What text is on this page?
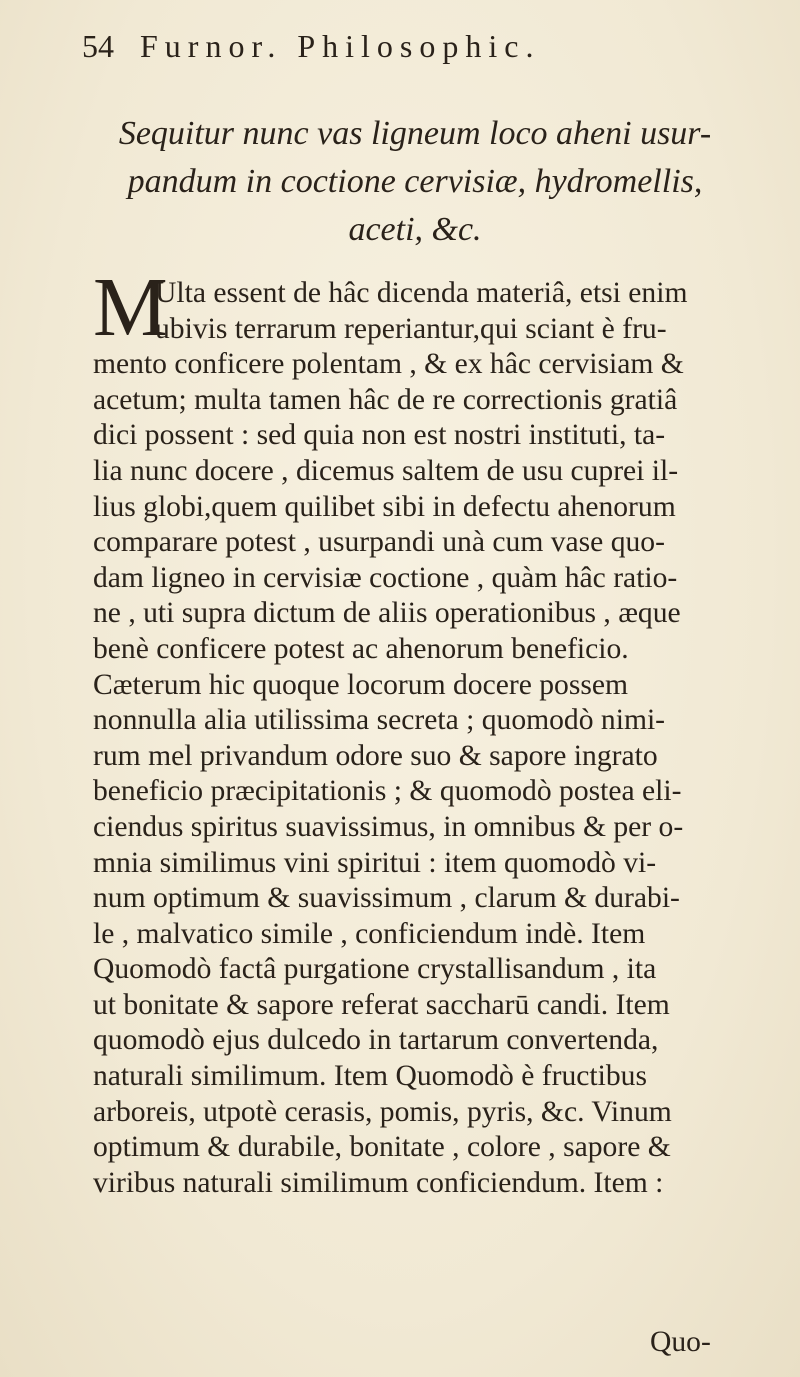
54 Furnor. Philosophic.
Sequitur nunc vas ligneum loco aheni usur-
pandum in coctione cervisiæ, hydromellis,
aceti, &c.
M
Ulta essent de hâc dicenda materiâ, etsi enim
ubivis terrarum reperiantur,qui sciant è fru-
mento conficere polentam , & ex hâc cervisiam &
acetum; multa tamen hâc de re correctionis gratiâ
dici possent : sed quia non est nostri instituti, ta-
lia nunc docere , dicemus saltem de usu cuprei il-
lius globi,quem quilibet sibi in defectu ahenorum
comparare potest , usurpandi unà cum vase quo-
dam ligneo in cervisiæ coctione , quàm hâc ratio-
ne , uti supra dictum de aliis operationibus , æque
benè conficere potest ac ahenorum beneficio.
Cæterum hic quoque locorum docere possem
nonnulla alia utilissima secreta ; quomodò nimi-
rum mel privandum odore suo & sapore ingrato
beneficio præcipitationis ; & quomodò postea eli-
ciendus spiritus suavissimus, in omnibus & per o-
mnia similimus vini spiritui : item quomodò vi-
num optimum & suavissimum , clarum & durabi-
le , malvatico simile , conficiendum indè. Item
Quomodò factâ purgatione crystallisandum , ita
ut bonitate & sapore referat saccharū candi. Item
quomodò ejus dulcedo in tartarum convertenda,
naturali similimum. Item Quomodò è fructibus
arboreis, utpotè cerasis, pomis, pyris, &c. Vinum
optimum & durabile, bonitate , colore , sapore &
viribus naturali similimum conficiendum. Item :
Quo-
